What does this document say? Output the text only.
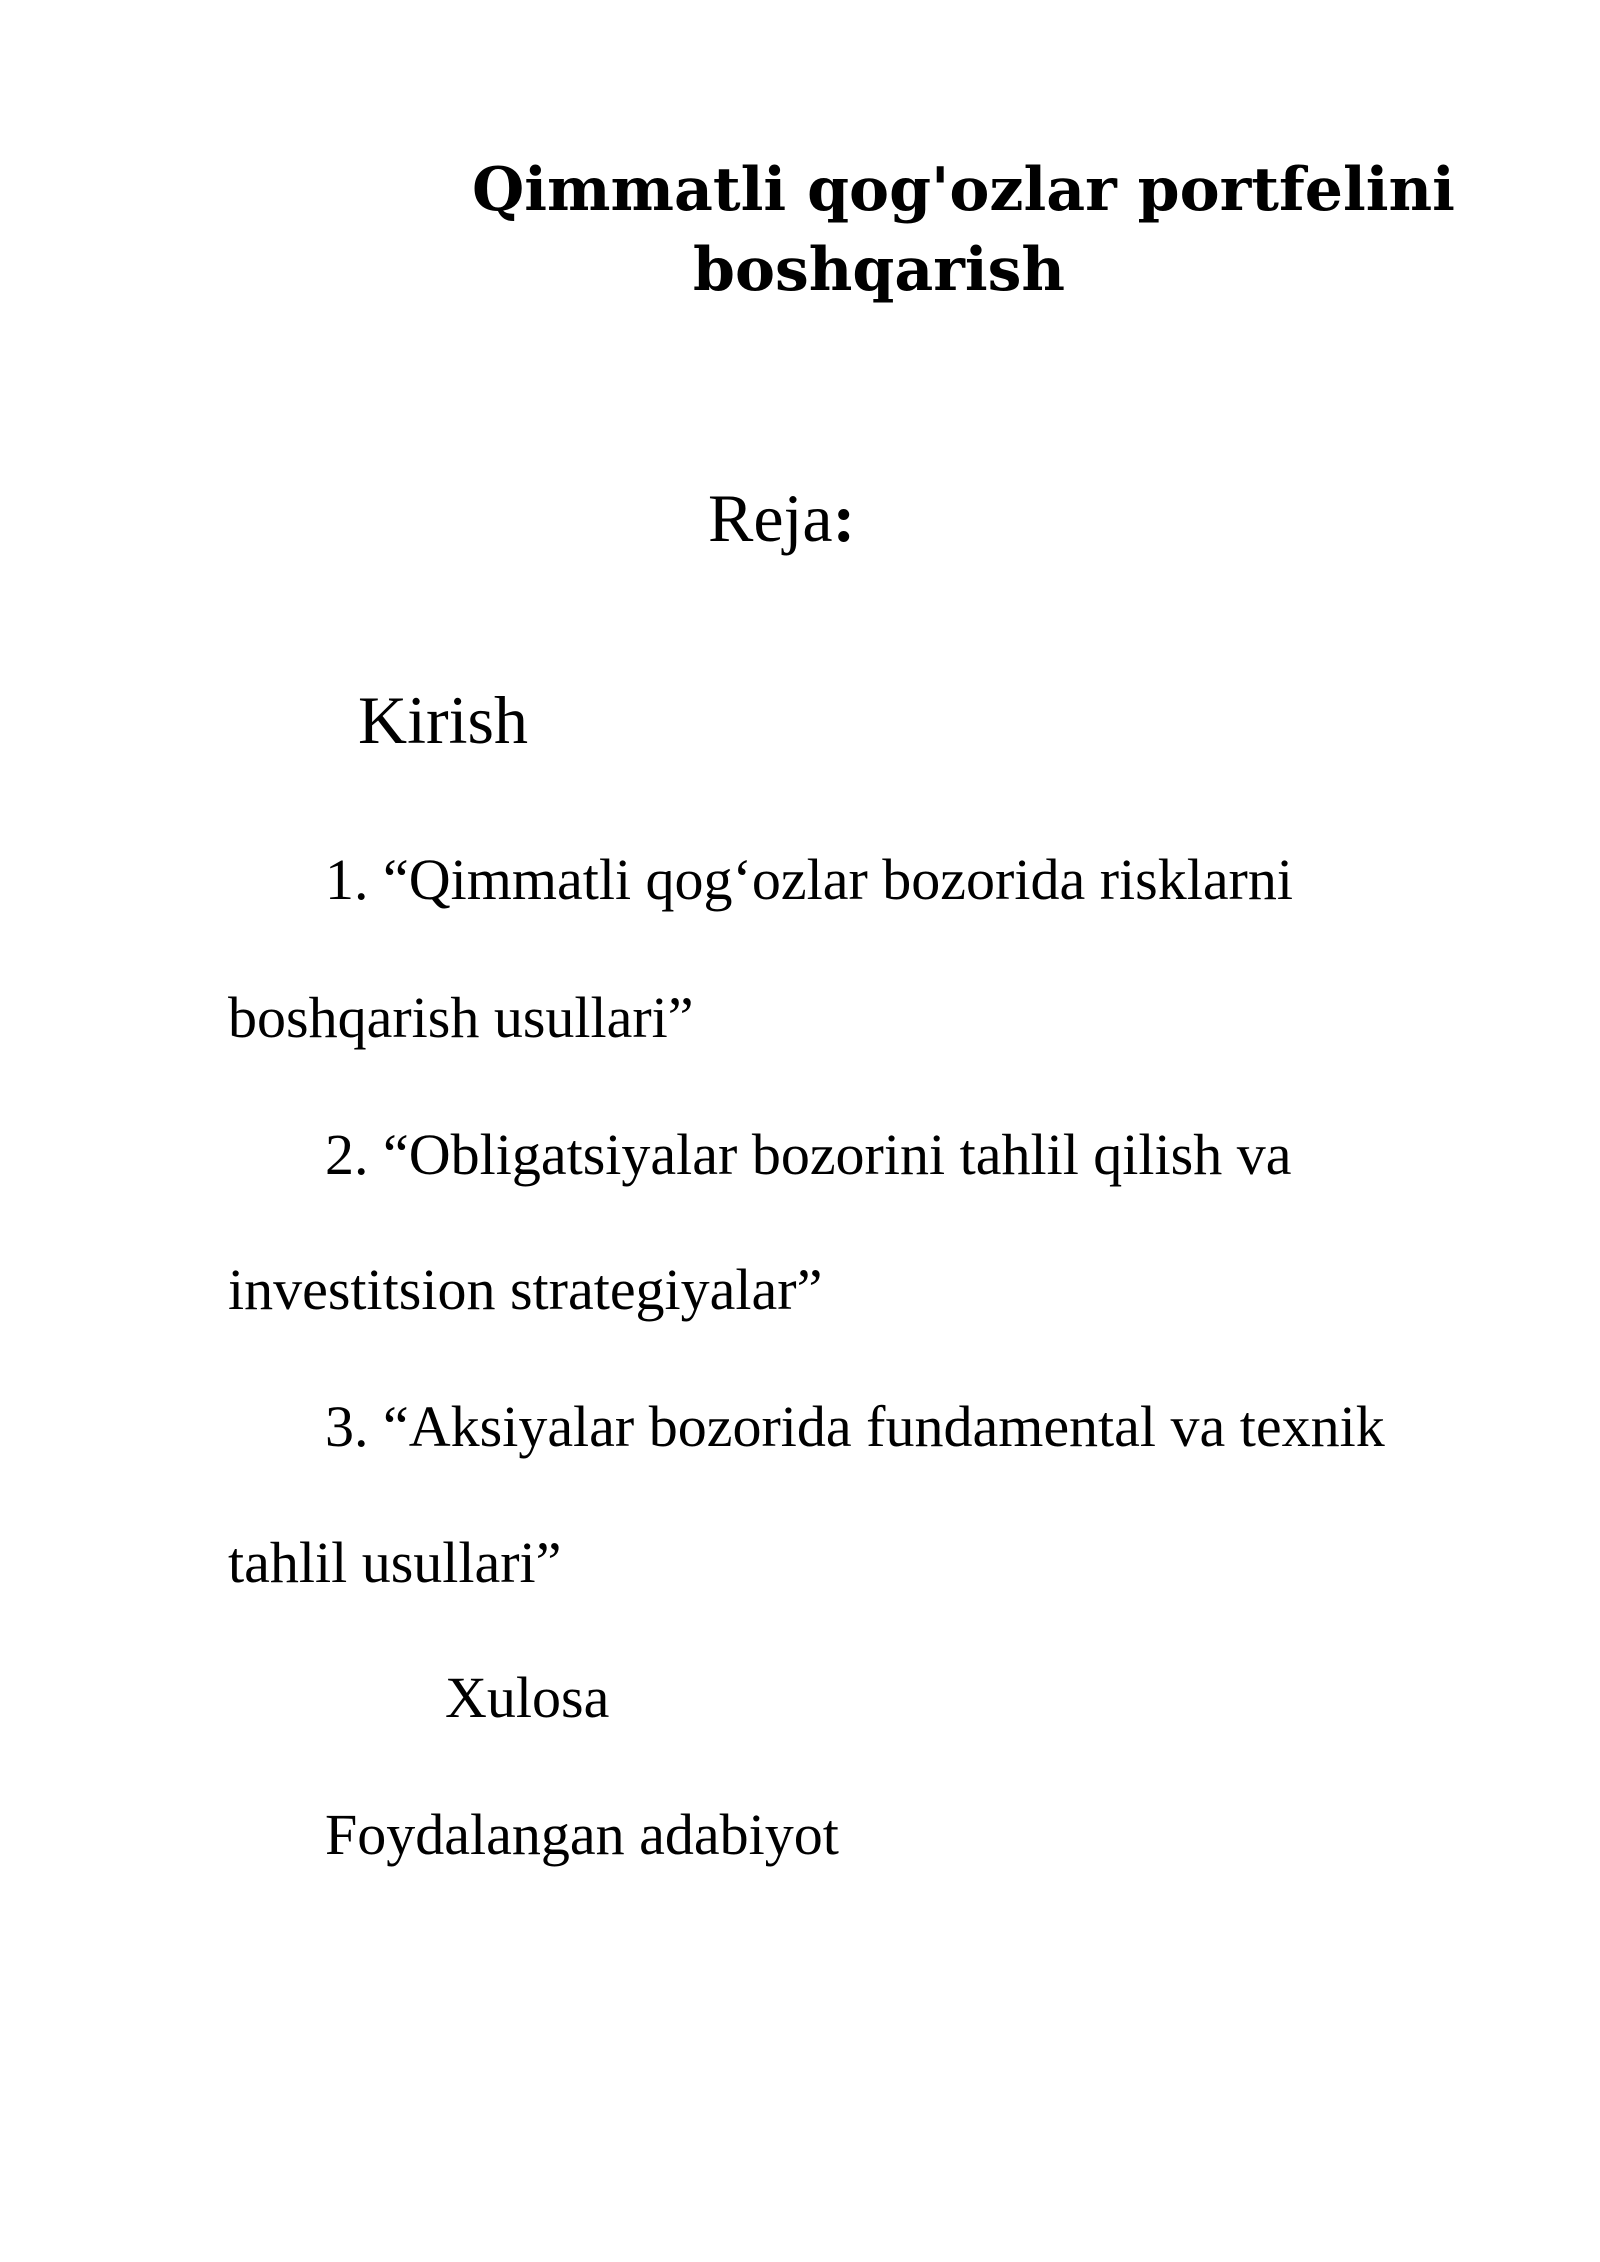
Qimmatli qog'ozlar portfelini
boshqarish
Reja:
Kirish
1. “Qimmatli qog‘ozlar bozorida risklarni
boshqarish usullari”
2. “Obligatsiyalar bozorini tahlil qilish va
investitsion strategiyalar”
3. “Aksiyalar bozorida fundamental va texnik
tahlil usullari”
Xulosa
Foydalangan adabiyot
